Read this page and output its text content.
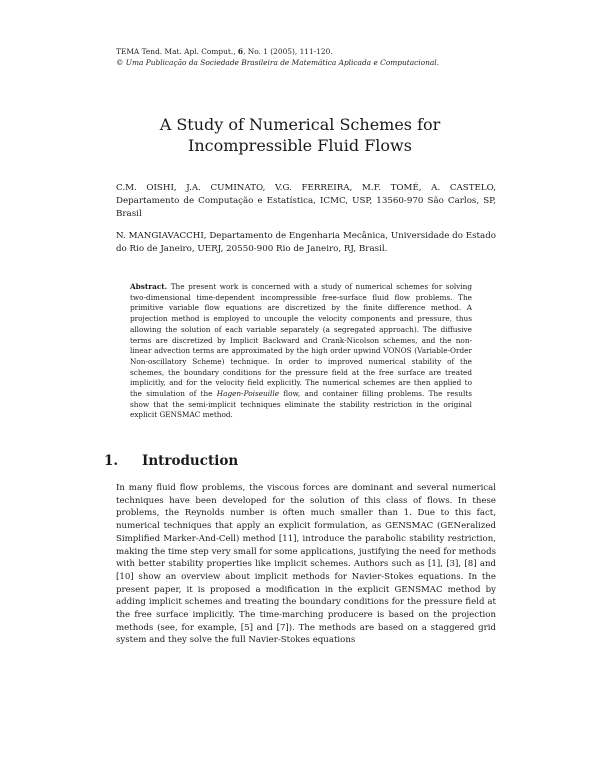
TEMA Tend. Mat. Apl. Comput., 6, No. 1 (2005), 111-120.
© Uma Publicação da Sociedade Brasileira de Matemática Aplicada e Computacional.
A Study of Numerical Schemes for Incompressible Fluid Flows

C.M. OISHI, J.A. CUMINATO, V.G. FERREIRA, M.F. TOMÉ, A. CASTELO, Departamento de Computação e Estatística, ICMC, USP, 13560-970 São Carlos, SP, Brasil

N. MANGIAVACCHI, Departamento de Engenharia Mecânica, Universidade do Estado do Rio de Janeiro, UERJ, 20550-900 Rio de Janeiro, RJ, Brasil.

Abstract. The present work is concerned with a study of numerical schemes for solving two-dimensional time-dependent incompressible free-surface fluid flow problems. The primitive variable flow equations are discretized by the finite difference method. A projection method is employed to uncouple the velocity components and pressure, thus allowing the solution of each variable separately (a segregated approach). The diffusive terms are discretized by Implicit Backward and Crank-Nicolson schemes, and the non-linear advection terms are approximated by the high order upwind VONOS (Variable-Order Non-oscillatory Scheme) technique. In order to improved numerical stability of the schemes, the boundary conditions for the pressure field at the free surface are treated implicitly, and for the velocity field explicitly. The numerical schemes are then applied to the simulation of the Hagen-Poiseuille flow, and container filling problems. The results show that the semi-implicit techniques eliminate the stability restriction in the original explicit GENSMAC method.

1. Introduction

In many fluid flow problems, the viscous forces are dominant and several numerical techniques have been developed for the solution of this class of flows. In these problems, the Reynolds number is often much smaller than 1. Due to this fact, numerical techniques that apply an explicit formulation, as GENSMAC (GENeralized Simplified Marker-And-Cell) method [11], introduce the parabolic stability restriction, making the time step very small for some applications, justifying the need for methods with better stability properties like implicit schemes. Authors such as [1], [3], [8] and [10] show an overview about implicit methods for Navier-Stokes equations. In the present paper, it is proposed a modification in the explicit GENSMAC method by adding implicit schemes and treating the boundary conditions for the pressure field at the free surface implicitly. The time-marching producere is based on the projection methods (see, for example, [5] and [7]). The methods are based on a staggered grid system and they solve the full Navier-Stokes equations
